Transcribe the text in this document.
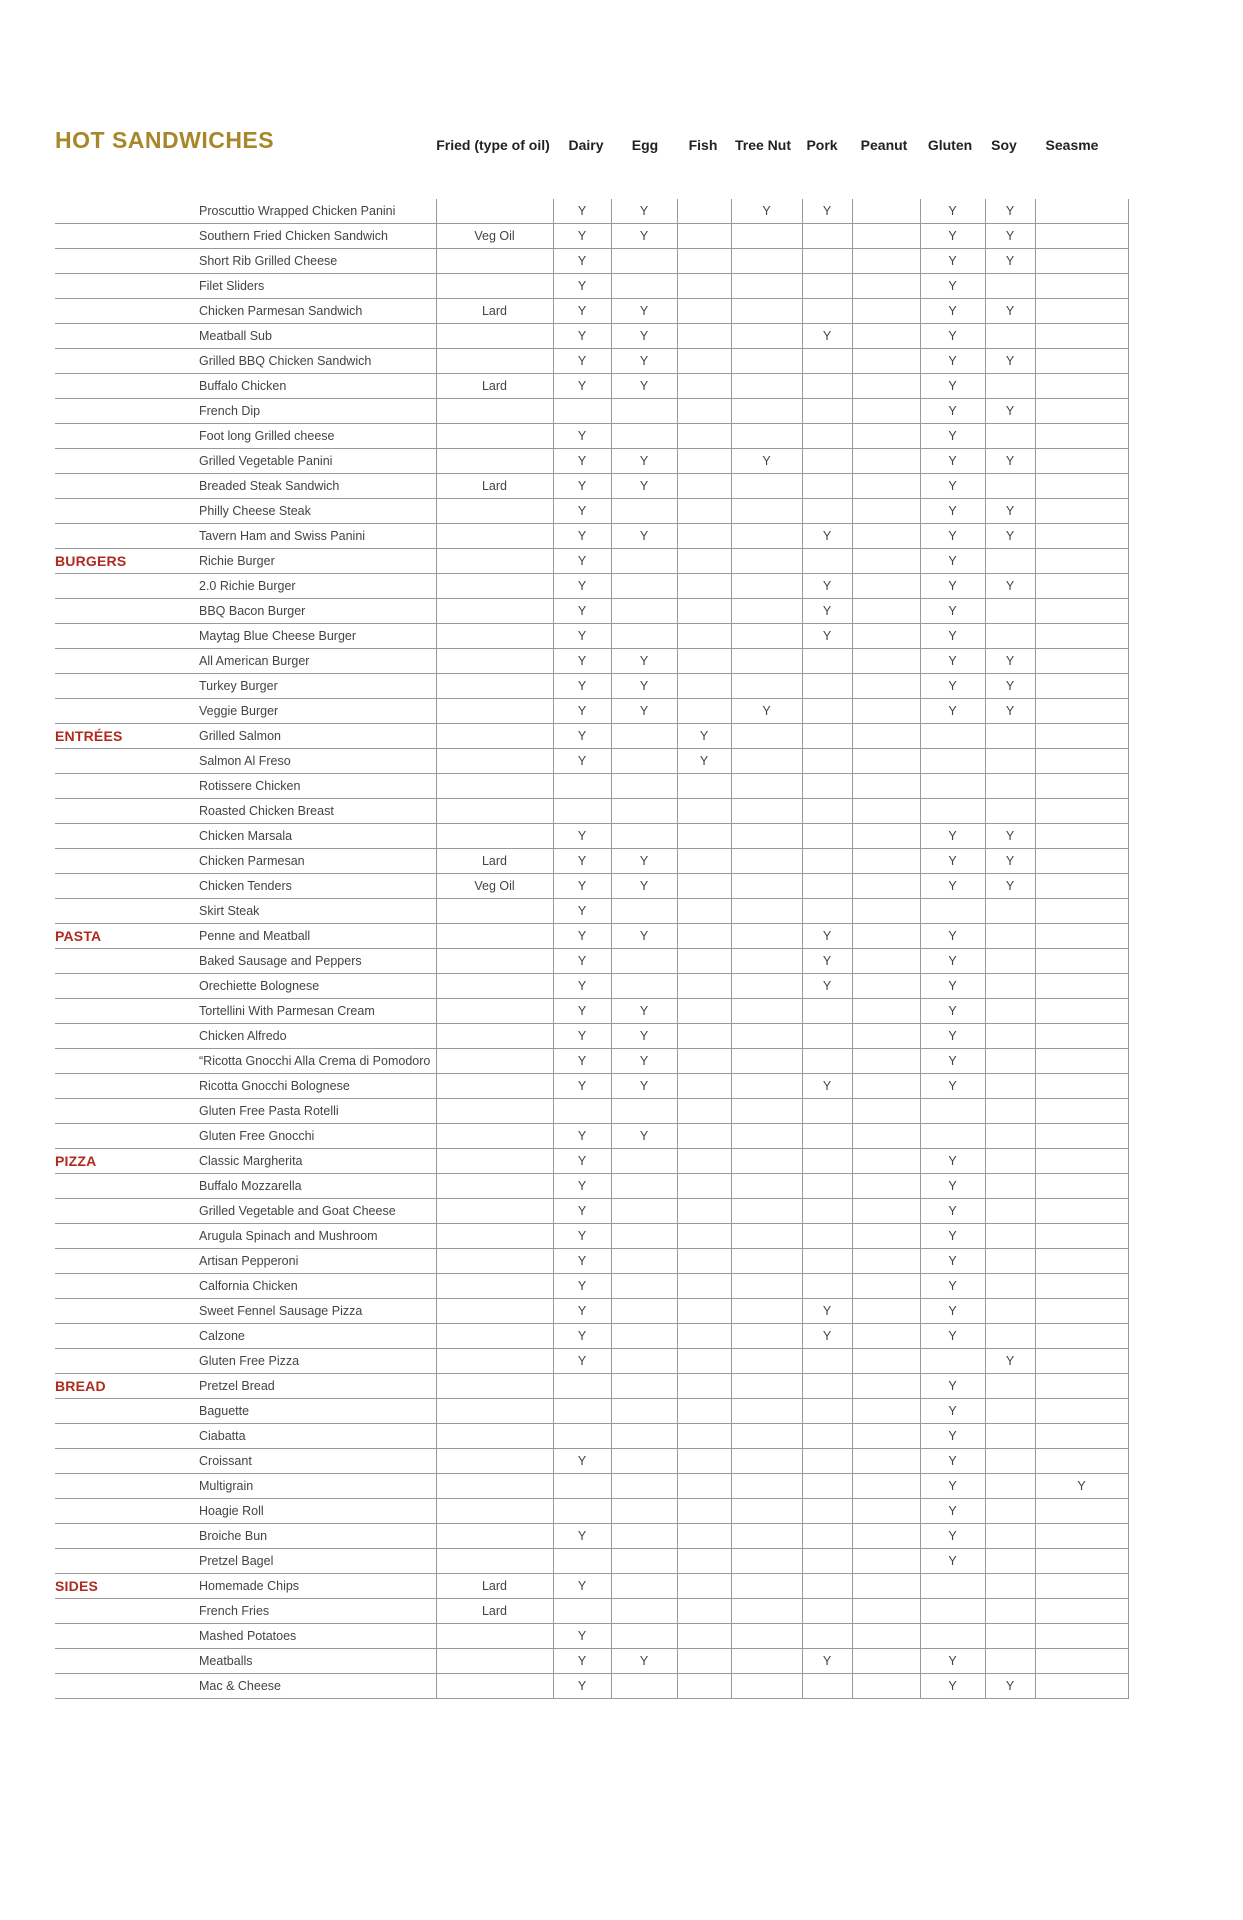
HOT SANDWICHES	Fried (type of oil) Dairy Egg Fish Tree Nut Pork Peanut Gluten Soy Seasme
	Proscuttio Wrapped Chicken Panini		Y	Y		Y	Y		Y	Y	
	Southern Fried Chicken Sandwich	Veg Oil	Y	Y					Y	Y	
	Short Rib Grilled Cheese		Y						Y	Y	
	Filet Sliders		Y						Y		
	Chicken Parmesan Sandwich	Lard	Y	Y					Y	Y	
	Meatball Sub		Y	Y			Y		Y		
	Grilled BBQ Chicken Sandwich		Y	Y					Y	Y	
	Buffalo Chicken	Lard	Y	Y					Y		
	French Dip								Y	Y	
	Foot long Grilled cheese		Y						Y		
	Grilled Vegetable Panini		Y	Y		Y			Y	Y	
	Breaded Steak Sandwich	Lard	Y	Y					Y		
	Philly Cheese Steak		Y						Y	Y	
	Tavern Ham and Swiss Panini		Y	Y			Y		Y	Y	
BURGERS	Richie Burger		Y						Y		
	2.0 Richie Burger		Y				Y		Y	Y	
	BBQ Bacon Burger		Y				Y		Y		
	Maytag Blue Cheese Burger		Y				Y		Y		
	All American Burger		Y	Y					Y	Y	
	Turkey Burger		Y	Y					Y	Y	
	Veggie Burger		Y	Y		Y			Y	Y	
ENTRÉES	Grilled Salmon		Y		Y						
	Salmon Al Freso		Y		Y						
	Rotissere Chicken										
	Roasted Chicken Breast										
	Chicken Marsala		Y						Y	Y	
	Chicken Parmesan	Lard	Y	Y					Y	Y	
	Chicken Tenders	Veg Oil	Y	Y					Y	Y	
	Skirt Steak		Y								
PASTA	Penne and Meatball		Y	Y			Y		Y		
	Baked Sausage and Peppers		Y				Y		Y		
	Orechiette Bolognese		Y				Y		Y		
	Tortellini With Parmesan Cream		Y	Y					Y		
	Chicken Alfredo		Y	Y					Y		
	“Ricotta Gnocchi Alla Crema di Pomodoro		Y	Y					Y		
	Ricotta Gnocchi Bolognese		Y	Y			Y		Y		
	Gluten Free Pasta Rotelli										
	Gluten Free Gnocchi		Y	Y							
PIZZA	Classic Margherita		Y						Y		
	Buffalo Mozzarella		Y						Y		
	Grilled Vegetable and Goat Cheese		Y						Y		
	Arugula Spinach and Mushroom		Y						Y		
	Artisan Pepperoni		Y						Y		
	Calfornia Chicken		Y						Y		
	Sweet Fennel Sausage Pizza		Y				Y		Y		
	Calzone		Y				Y		Y		
	Gluten Free Pizza		Y							Y	
BREAD	Pretzel Bread								Y		
	Baguette								Y		
	Ciabatta								Y		
	Croissant		Y						Y		
	Multigrain								Y		Y
	Hoagie Roll								Y		
	Broiche Bun		Y						Y		
	Pretzel Bagel								Y		
SIDES	Homemade Chips	Lard	Y								
	French Fries	Lard									
	Mashed Potatoes		Y								
	Meatballs		Y	Y			Y		Y		
	Mac & Cheese		Y						Y	Y	
